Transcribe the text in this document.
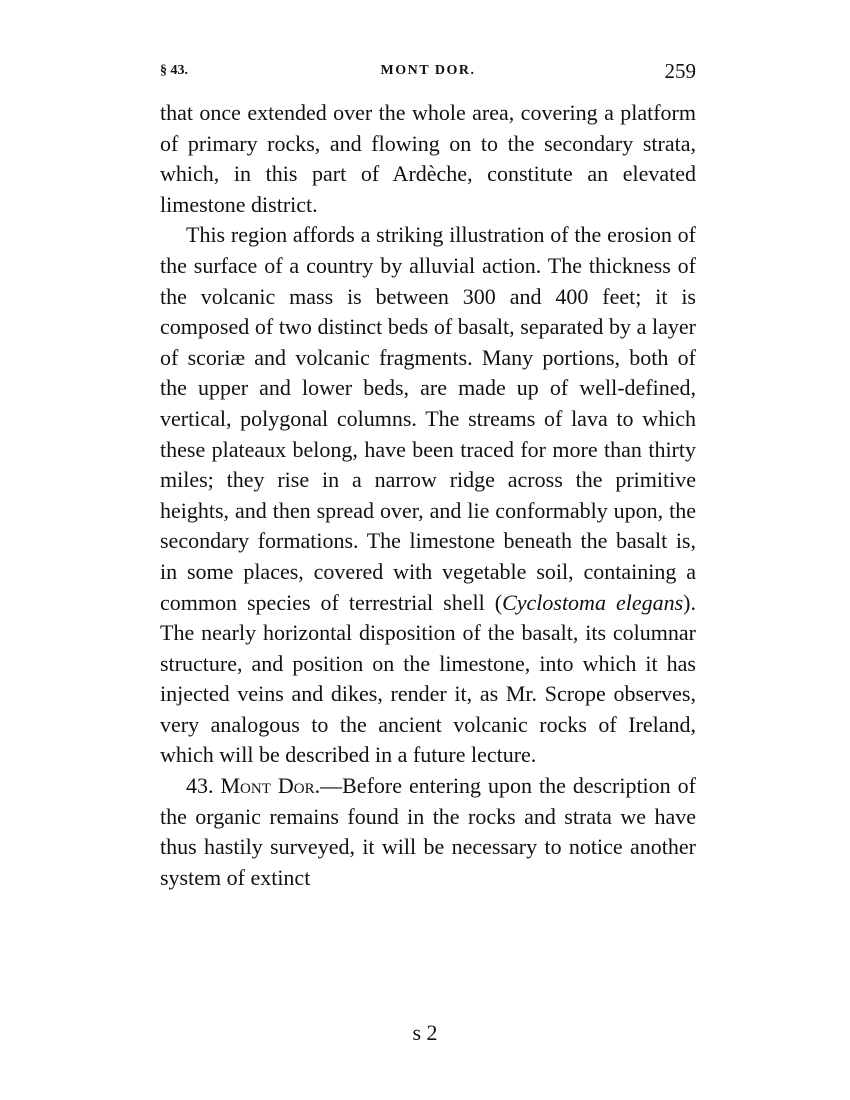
§ 43.	MONT DOR.	259

that once extended over the whole area, covering a platform of primary rocks, and flowing on to the secondary strata, which, in this part of Ardèche, constitute an elevated limestone district.

This region affords a striking illustration of the erosion of the surface of a country by alluvial action. The thickness of the volcanic mass is between 300 and 400 feet; it is composed of two distinct beds of basalt, separated by a layer of scoriæ and volcanic fragments. Many portions, both of the upper and lower beds, are made up of well-defined, vertical, polygonal columns. The streams of lava to which these plateaux belong, have been traced for more than thirty miles; they rise in a narrow ridge across the primitive heights, and then spread over, and lie conformably upon, the secondary formations. The limestone beneath the basalt is, in some places, covered with vegetable soil, containing a common species of terrestrial shell (Cyclostoma elegans). The nearly horizontal disposition of the basalt, its columnar structure, and position on the limestone, into which it has injected veins and dikes, render it, as Mr. Scrope observes, very analogous to the ancient volcanic rocks of Ireland, which will be described in a future lecture.

43. Mont Dor.—Before entering upon the description of the organic remains found in the rocks and strata we have thus hastily surveyed, it will be necessary to notice another system of extinct

s 2
